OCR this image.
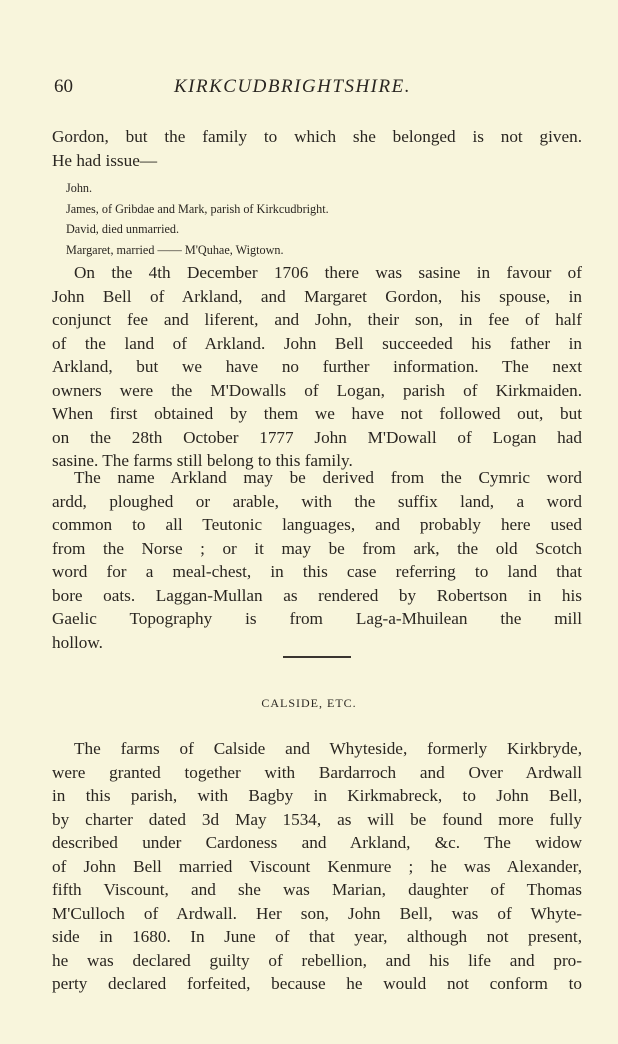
60	KIRKCUDBRIGHTSHIRE.
Gordon, but the family to which she belonged is not given.
He had issue—
John.
James, of Gribdae and Mark, parish of Kirkcudbright.
David, died unmarried.
Margaret, married —— M'Quhae, Wigtown.
On the 4th December 1706 there was sasine in favour of
John Bell of Arkland, and Margaret Gordon, his spouse, in
conjunct fee and liferent, and John, their son, in fee of half
of the land of Arkland. John Bell succeeded his father in
Arkland, but we have no further information. The next
owners were the M'Dowalls of Logan, parish of Kirkmaiden.
When first obtained by them we have not followed out, but
on the 28th October 1777 John M'Dowall of Logan had
sasine. The farms still belong to this family.
The name Arkland may be derived from the Cymric word
ardd, ploughed or arable, with the suffix land, a word
common to all Teutonic languages, and probably here used
from the Norse ; or it may be from ark, the old Scotch
word for a meal-chest, in this case referring to land that
bore oats. Laggan-Mullan as rendered by Robertson in his
Gaelic Topography is from Lag-a-Mhuilean the mill
hollow.
CALSIDE, ETC.
The farms of Calside and Whyteside, formerly Kirkbryde,
were granted together with Bardarroch and Over Ardwall
in this parish, with Bagby in Kirkmabreck, to John Bell,
by charter dated 3d May 1534, as will be found more fully
described under Cardoness and Arkland, &c. The widow
of John Bell married Viscount Kenmure ; he was Alexander,
fifth Viscount, and she was Marian, daughter of Thomas
M'Culloch of Ardwall. Her son, John Bell, was of Whyte-
side in 1680. In June of that year, although not present,
he was declared guilty of rebellion, and his life and pro-
perty declared forfeited, because he would not conform to
